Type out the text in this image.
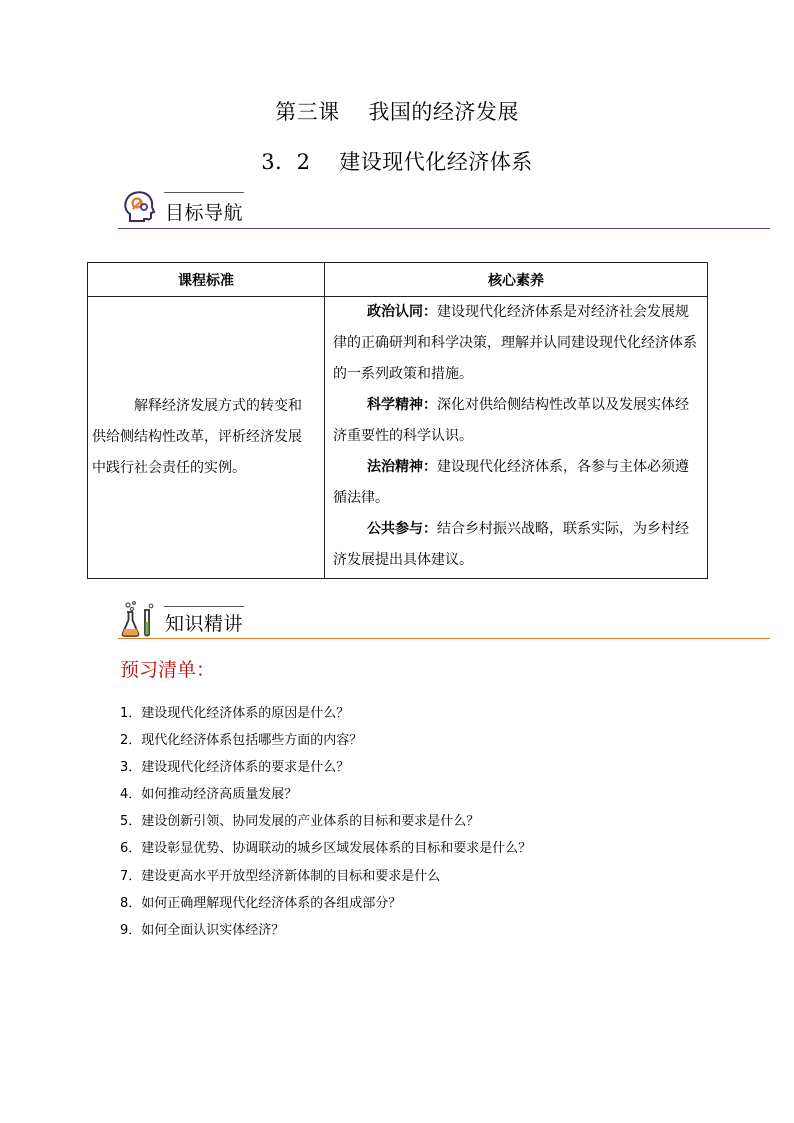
第三课 我国的经济发展
3．2 建设现代化经济体系
目标导航
课程标准	核心素养
解释经济发展方式的转变和供给侧结构性改革，评析经济发展中践行社会责任的实例。	政治认同：建设现代化经济体系是对经济社会发展规律的正确研判和科学决策，理解并认同建设现代化经济体系的一系列政策和措施。

科学精神：深化对供给侧结构性改革以及发展实体经济重要性的科学认识。

法治精神：建设现代化经济体系，各参与主体必须遵循法律。

公共参与：结合乡村振兴战略，联系实际，为乡村经济发展提出具体建议。

知识精讲
预习清单：
1．建设现代化经济体系的原因是什么？
2．现代化经济体系包括哪些方面的内容？
3．建设现代化经济体系的要求是什么？
4．如何推动经济高质量发展？
5．建设创新引领、协同发展的产业体系的目标和要求是什么？
6．建设彰显优势、协调联动的城乡区域发展体系的目标和要求是什么？
7．建设更高水平开放型经济新体制的目标和要求是什么
8．如何正确理解现代化经济体系的各组成部分？
9．如何全面认识实体经济？
